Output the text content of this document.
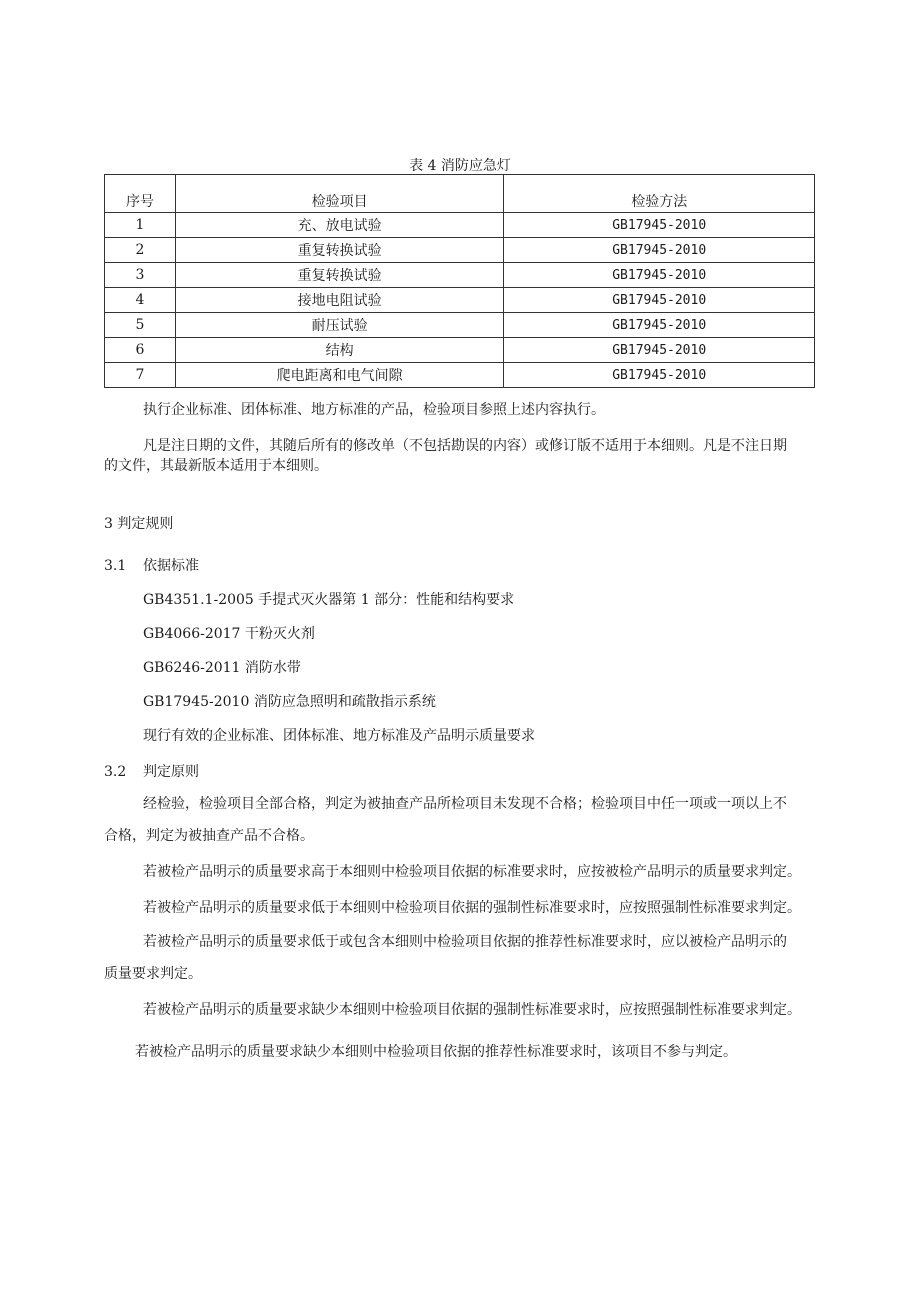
表 4 消防应急灯
序号	检验项目	检验方法
1	充、放电试验	GB17945-2010
2	重复转换试验	GB17945-2010
3	重复转换试验	GB17945-2010
4	接地电阻试验	GB17945-2010
5	耐压试验	GB17945-2010
6	结构	GB17945-2010
7	爬电距离和电气间隙	GB17945-2010
执行企业标准、团体标准、地方标准的产品，检验项目参照上述内容执行。
凡是注日期的文件，其随后所有的修改单（不包括勘误的内容）或修订版不适用于本细则。凡是不注日期
的文件，其最新版本适用于本细则。
3 判定规则
3.1 依据标准
GB4351.1-2005 手提式灭火器第 1 部分：性能和结构要求
GB4066-2017 干粉灭火剂
GB6246-2011 消防水带
GB17945-2010 消防应急照明和疏散指示系统
现行有效的企业标准、团体标准、地方标准及产品明示质量要求
3.2 判定原则
经检验，检验项目全部合格，判定为被抽查产品所检项目未发现不合格；检验项目中任一项或一项以上不
合格，判定为被抽查产品不合格。
若被检产品明示的质量要求高于本细则中检验项目依据的标准要求时，应按被检产品明示的质量要求判定。
若被检产品明示的质量要求低于本细则中检验项目依据的强制性标准要求时，应按照强制性标准要求判定。
若被检产品明示的质量要求低于或包含本细则中检验项目依据的推荐性标准要求时，应以被检产品明示的
质量要求判定。
若被检产品明示的质量要求缺少本细则中检验项目依据的强制性标准要求时，应按照强制性标准要求判定。
若被检产品明示的质量要求缺少本细则中检验项目依据的推荐性标准要求时，该项目不参与判定。
